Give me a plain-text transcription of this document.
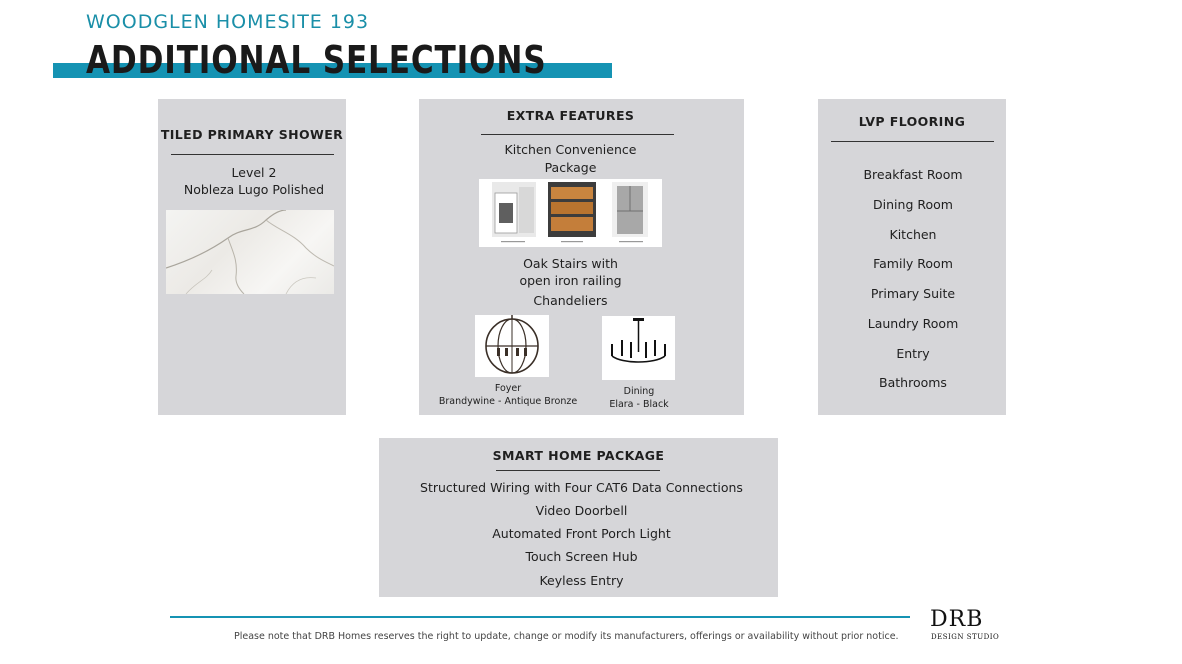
WOODGLEN HOMESITE 193
ADDITIONAL SELECTIONS
TILED PRIMARY SHOWER
Level 2
Nobleza Lugo Polished
EXTRA FEATURES
Kitchen Convenience
Package
Oak Stairs with
open iron railing
Chandeliers
Foyer
Brandywine - Antique Bronze
Dining
Elara - Black
LVP FLOORING
Breakfast Room
Dining Room
Kitchen
Family Room
Primary Suite
Laundry Room
Entry
Bathrooms
SMART HOME PACKAGE
Structured Wiring with Four CAT6 Data Connections
Video Doorbell
Automated Front Porch Light
Touch Screen Hub
Keyless Entry
Please note that DRB Homes reserves the right to update, change or modify its manufacturers, offerings or availability without prior notice.
DRB
DESIGN STUDIO
